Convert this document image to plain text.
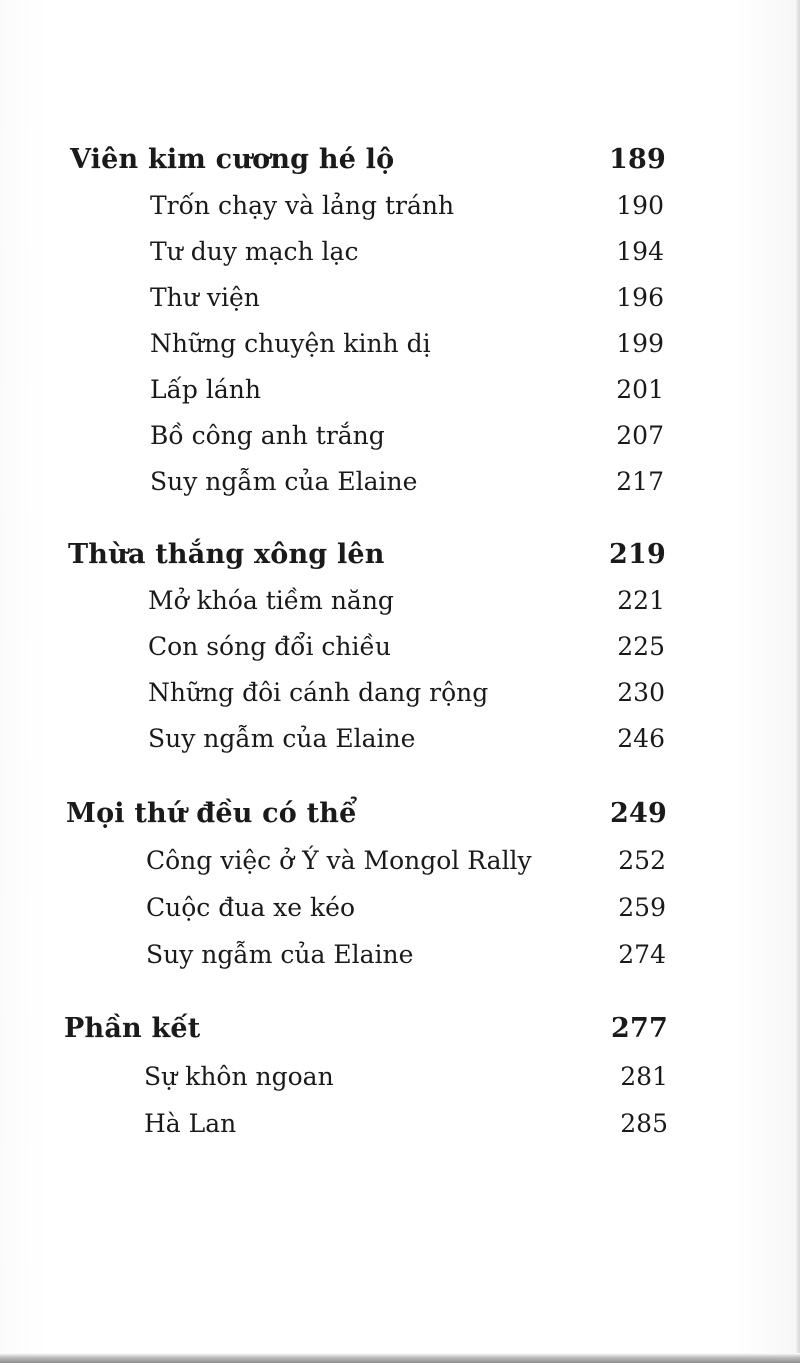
Viên kim cương hé lộ	189
Trốn chạy và lảng tránh	190
Tư duy mạch lạc	194
Thư viện	196
Những chuyện kinh dị	199
Lấp lánh	201
Bồ công anh trắng	207
Suy ngẫm của Elaine	217
Thừa thắng xông lên	219
Mở khóa tiềm năng	221
Con sóng đổi chiều	225
Những đôi cánh dang rộng	230
Suy ngẫm của Elaine	246
Mọi thứ đều có thể	249
Công việc ở Ý và Mongol Rally	252
Cuộc đua xe kéo	259
Suy ngẫm của Elaine	274
Phần kết	277
Sự khôn ngoan	281
Hà Lan	285
